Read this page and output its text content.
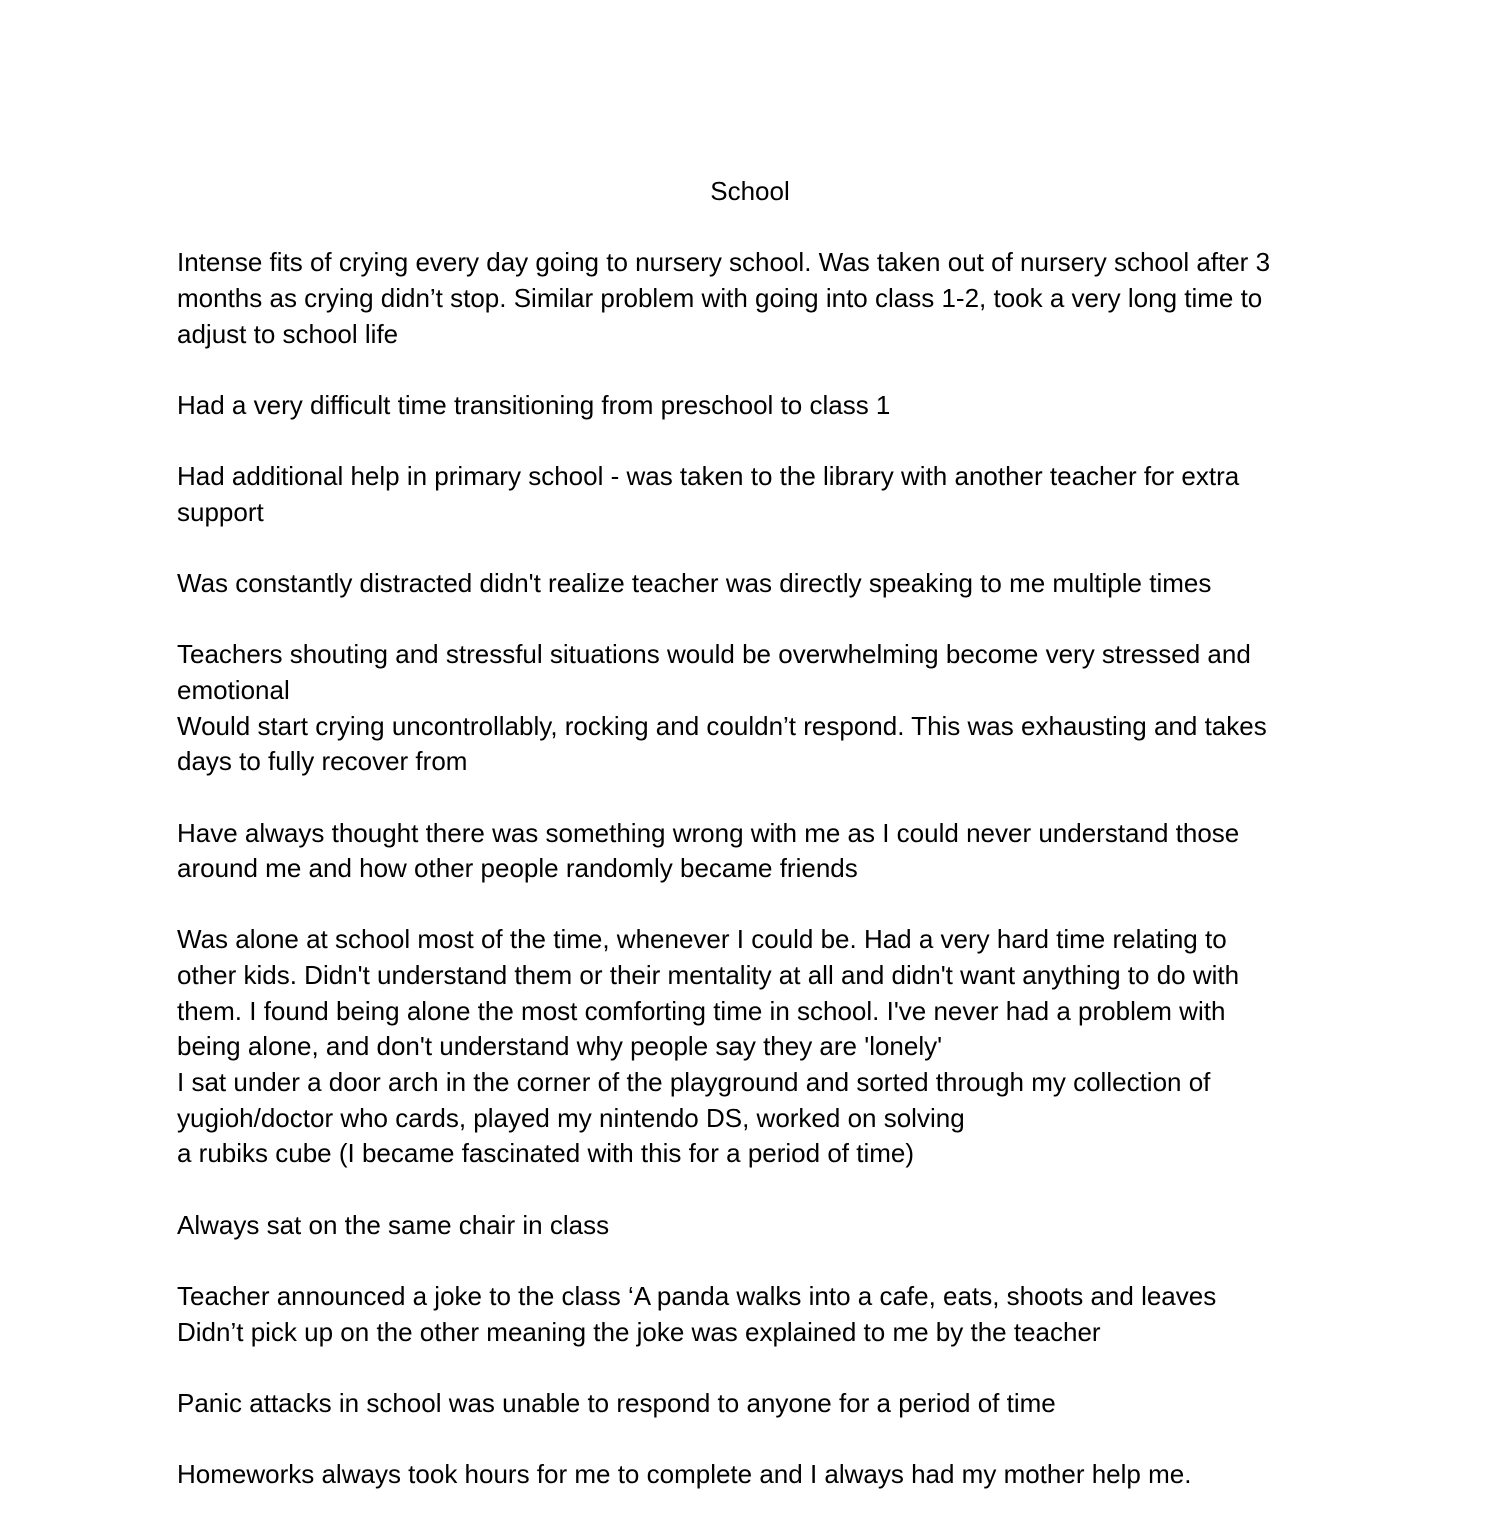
School
Intense fits of crying every day going to nursery school. Was taken out of nursery school after 3
months as crying didn’t stop. Similar problem with going into class 1-2, took a very long time to
adjust to school life
Had a very difficult time transitioning from preschool to class 1
Had additional help in primary school - was taken to the library with another teacher for extra
support
Was constantly distracted didn't realize teacher was directly speaking to me multiple times
Teachers shouting and stressful situations would be overwhelming become very stressed and
emotional
Would start crying uncontrollably, rocking and couldn’t respond. This was exhausting and takes
days to fully recover from
Have always thought there was something wrong with me as I could never understand those
around me and how other people randomly became friends
Was alone at school most of the time, whenever I could be. Had a very hard time relating to
other kids. Didn't understand them or their mentality at all and didn't want anything to do with
them. I found being alone the most comforting time in school. I've never had a problem with
being alone, and don't understand why people say they are 'lonely'
I sat under a door arch in the corner of the playground and sorted through my collection of
yugioh/doctor who cards, played my nintendo DS, worked on solving
a rubiks cube (I became fascinated with this for a period of time)
Always sat on the same chair in class
Teacher announced a joke to the class ‘A panda walks into a cafe, eats, shoots and leaves
Didn’t pick up on the other meaning the joke was explained to me by the teacher
Panic attacks in school was unable to respond to anyone for a period of time
Homeworks always took hours for me to complete and I always had my mother help me.
